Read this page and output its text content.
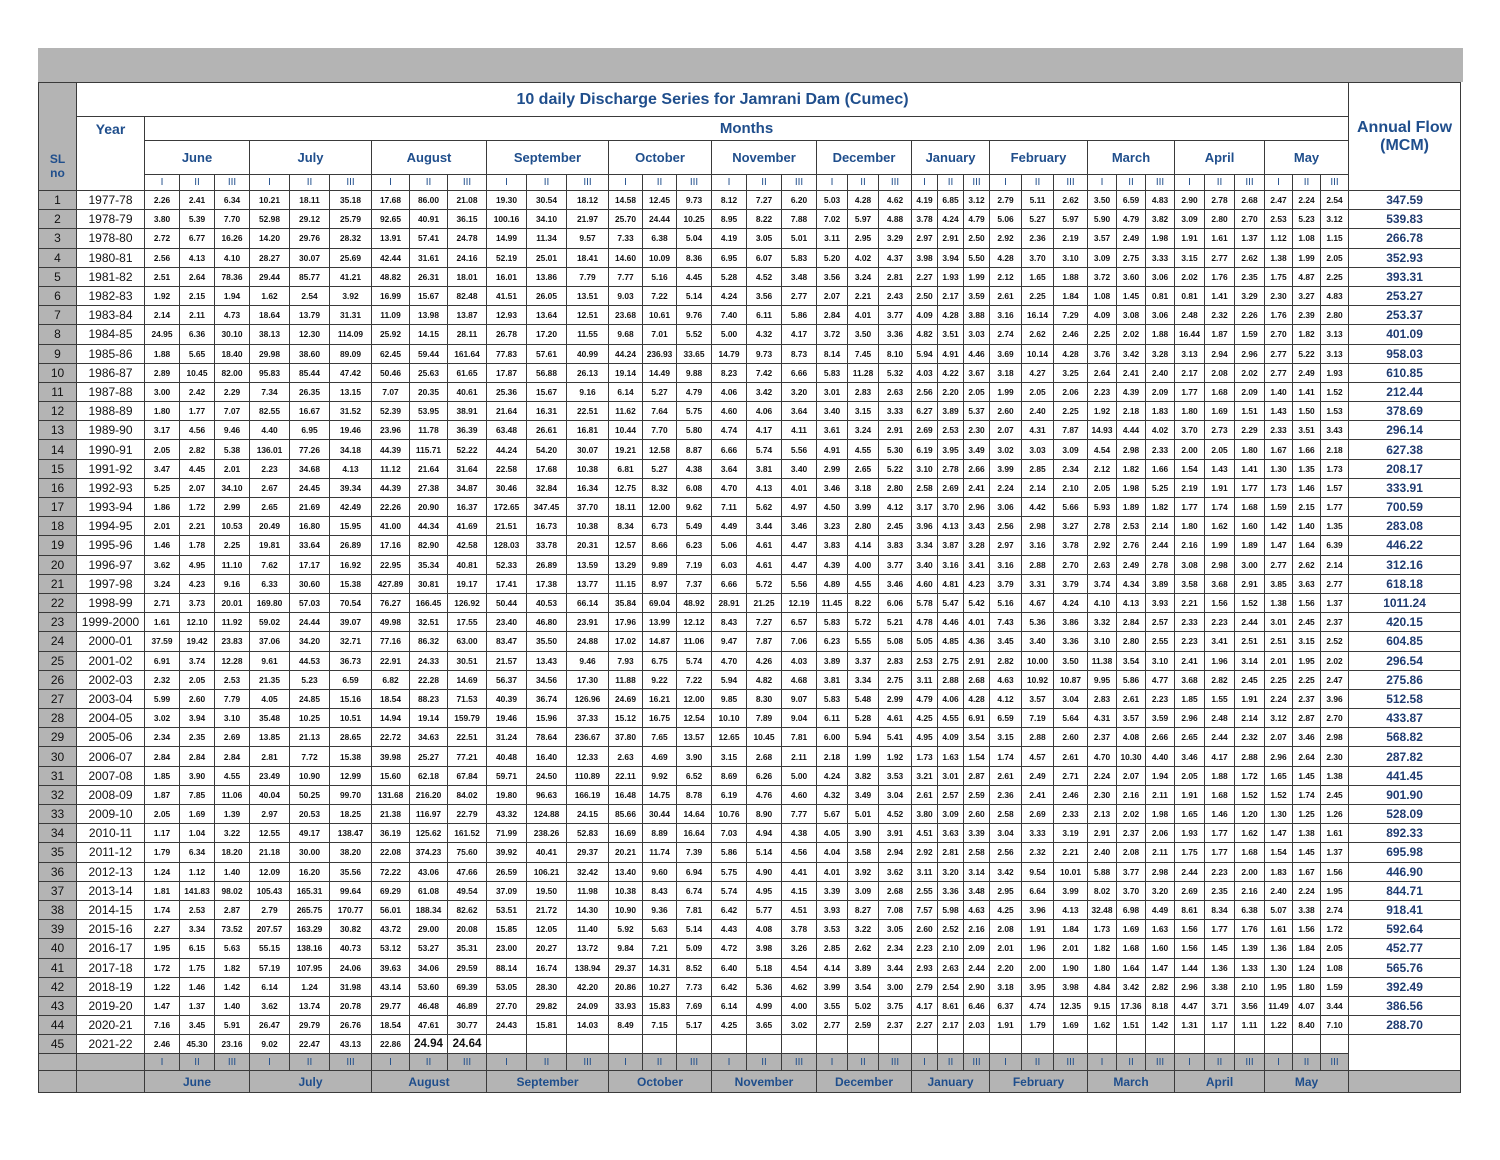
SL
no	10 daily Discharge Series for Jamrani Dam (Cumec)																																					Annual Flow
(MCM)
	Year	Months																																				
		June			July			August			September			October			November			December			January			February			March			April			May			
		I	II	III	I	II	III	I	II	III	I	II	III	I	II	III	I	II	III	I	II	III	I	II	III	I	II	III	I	II	III	I	II	III	I	II	III	
1	1977-78	2.26	2.41	6.34	10.21	18.11	35.18	17.68	86.00	21.08	19.30	30.54	18.12	14.58	12.45	9.73	8.12	7.27	6.20	5.03	4.28	4.62	4.19	6.85	3.12	2.79	5.11	2.62	3.50	6.59	4.83	2.90	2.78	2.68	2.47	2.24	2.54	347.59
2	1978-79	3.80	5.39	7.70	52.98	29.12	25.79	92.65	40.91	36.15	100.16	34.10	21.97	25.70	24.44	10.25	8.95	8.22	7.88	7.02	5.97	4.88	3.78	4.24	4.79	5.06	5.27	5.97	5.90	4.79	3.82	3.09	2.80	2.70	2.53	5.23	3.12	539.83
3	1978-80	2.72	6.77	16.26	14.20	29.76	28.32	13.91	57.41	24.78	14.99	11.34	9.57	7.33	6.38	5.04	4.19	3.05	5.01	3.11	2.95	3.29	2.97	2.91	2.50	2.92	2.36	2.19	3.57	2.49	1.98	1.91	1.61	1.37	1.12	1.08	1.15	266.78
4	1980-81	2.56	4.13	4.10	28.27	30.07	25.69	42.44	31.61	24.16	52.19	25.01	18.41	14.60	10.09	8.36	6.95	6.07	5.83	5.20	4.02	4.37	3.98	3.94	5.50	4.28	3.70	3.10	3.09	2.75	3.33	3.15	2.77	2.62	1.38	1.99	2.05	352.93
5	1981-82	2.51	2.64	78.36	29.44	85.77	41.21	48.82	26.31	18.01	16.01	13.86	7.79	7.77	5.16	4.45	5.28	4.52	3.48	3.56	3.24	2.81	2.27	1.93	1.99	2.12	1.65	1.88	3.72	3.60	3.06	2.02	1.76	2.35	1.75	4.87	2.25	393.31
6	1982-83	1.92	2.15	1.94	1.62	2.54	3.92	16.99	15.67	82.48	41.51	26.05	13.51	9.03	7.22	5.14	4.24	3.56	2.77	2.07	2.21	2.43	2.50	2.17	3.59	2.61	2.25	1.84	1.08	1.45	0.81	0.81	1.41	3.29	2.30	3.27	4.83	253.27
7	1983-84	2.14	2.11	4.73	18.64	13.79	31.31	11.09	13.98	13.87	12.93	13.64	12.51	23.68	10.61	9.76	7.40	6.11	5.86	2.84	4.01	3.77	4.09	4.28	3.88	3.16	16.14	7.29	4.09	3.08	3.06	2.48	2.32	2.26	1.76	2.39	2.80	253.37
8	1984-85	24.95	6.36	30.10	38.13	12.30	114.09	25.92	14.15	28.11	26.78	17.20	11.55	9.68	7.01	5.52	5.00	4.32	4.17	3.72	3.50	3.36	4.82	3.51	3.03	2.74	2.62	2.46	2.25	2.02	1.88	16.44	1.87	1.59	2.70	1.82	3.13	401.09
9	1985-86	1.88	5.65	18.40	29.98	38.60	89.09	62.45	59.44	161.64	77.83	57.61	40.99	44.24	236.93	33.65	14.79	9.73	8.73	8.14	7.45	8.10	5.94	4.91	4.46	3.69	10.14	4.28	3.76	3.42	3.28	3.13	2.94	2.96	2.77	5.22	3.13	958.03
10	1986-87	2.89	10.45	82.00	95.83	85.44	47.42	50.46	25.63	61.65	17.87	56.88	26.13	19.14	14.49	9.88	8.23	7.42	6.66	5.83	11.28	5.32	4.03	4.22	3.67	3.18	4.27	3.25	2.64	2.41	2.40	2.17	2.08	2.02	2.77	2.49	1.93	610.85
11	1987-88	3.00	2.42	2.29	7.34	26.35	13.15	7.07	20.35	40.61	25.36	15.67	9.16	6.14	5.27	4.79	4.06	3.42	3.20	3.01	2.83	2.63	2.56	2.20	2.05	1.99	2.05	2.06	2.23	4.39	2.09	1.77	1.68	2.09	1.40	1.41	1.52	212.44
12	1988-89	1.80	1.77	7.07	82.55	16.67	31.52	52.39	53.95	38.91	21.64	16.31	22.51	11.62	7.64	5.75	4.60	4.06	3.64	3.40	3.15	3.33	6.27	3.89	5.37	2.60	2.40	2.25	1.92	2.18	1.83	1.80	1.69	1.51	1.43	1.50	1.53	378.69
13	1989-90	3.17	4.56	9.46	4.40	6.95	19.46	23.96	11.78	36.39	63.48	26.61	16.81	10.44	7.70	5.80	4.74	4.17	4.11	3.61	3.24	2.91	2.69	2.53	2.30	2.07	4.31	7.87	14.93	4.44	4.02	3.70	2.73	2.29	2.33	3.51	3.43	296.14
14	1990-91	2.05	2.82	5.38	136.01	77.26	34.18	44.39	115.71	52.22	44.24	54.20	30.07	19.21	12.58	8.87	6.66	5.74	5.56	4.91	4.55	5.30	6.19	3.95	3.49	3.02	3.03	3.09	4.54	2.98	2.33	2.00	2.05	1.80	1.67	1.66	2.18	627.38
15	1991-92	3.47	4.45	2.01	2.23	34.68	4.13	11.12	21.64	31.64	22.58	17.68	10.38	6.81	5.27	4.38	3.64	3.81	3.40	2.99	2.65	5.22	3.10	2.78	2.66	3.99	2.85	2.34	2.12	1.82	1.66	1.54	1.43	1.41	1.30	1.35	1.73	208.17
16	1992-93	5.25	2.07	34.10	2.67	24.45	39.34	44.39	27.38	34.87	30.46	32.84	16.34	12.75	8.32	6.08	4.70	4.13	4.01	3.46	3.18	2.80	2.58	2.69	2.41	2.24	2.14	2.10	2.05	1.98	5.25	2.19	1.91	1.77	1.73	1.46	1.57	333.91
17	1993-94	1.86	1.72	2.99	2.65	21.69	42.49	22.26	20.90	16.37	172.65	347.45	37.70	18.11	12.00	9.62	7.11	5.62	4.97	4.50	3.99	4.12	3.17	3.70	2.96	3.06	4.42	5.66	5.93	1.89	1.82	1.77	1.74	1.68	1.59	2.15	1.77	700.59
18	1994-95	2.01	2.21	10.53	20.49	16.80	15.95	41.00	44.34	41.69	21.51	16.73	10.38	8.34	6.73	5.49	4.49	3.44	3.46	3.23	2.80	2.45	3.96	4.13	3.43	2.56	2.98	3.27	2.78	2.53	2.14	1.80	1.62	1.60	1.42	1.40	1.35	283.08
19	1995-96	1.46	1.78	2.25	19.81	33.64	26.89	17.16	82.90	42.58	128.03	33.78	20.31	12.57	8.66	6.23	5.06	4.61	4.47	3.83	4.14	3.83	3.34	3.87	3.28	2.97	3.16	3.78	2.92	2.76	2.44	2.16	1.99	1.89	1.47	1.64	6.39	446.22
20	1996-97	3.62	4.95	11.10	7.62	17.17	16.92	22.95	35.34	40.81	52.33	26.89	13.59	13.29	9.89	7.19	6.03	4.61	4.47	4.39	4.00	3.77	3.40	3.16	3.41	3.16	2.88	2.70	2.63	2.49	2.78	3.08	2.98	3.00	2.77	2.62	2.14	312.16
21	1997-98	3.24	4.23	9.16	6.33	30.60	15.38	427.89	30.81	19.17	17.41	17.38	13.77	11.15	8.97	7.37	6.66	5.72	5.56	4.89	4.55	3.46	4.60	4.81	4.23	3.79	3.31	3.79	3.74	4.34	3.89	3.58	3.68	2.91	3.85	3.63	2.77	618.18
22	1998-99	2.71	3.73	20.01	169.80	57.03	70.54	76.27	166.45	126.92	50.44	40.53	66.14	35.84	69.04	48.92	28.91	21.25	12.19	11.45	8.22	6.06	5.78	5.47	5.42	5.16	4.67	4.24	4.10	4.13	3.93	2.21	1.56	1.52	1.38	1.56	1.37	1011.24
23	1999-2000	1.61	12.10	11.92	59.02	24.44	39.07	49.98	32.51	17.55	23.40	46.80	23.91	17.96	13.99	12.12	8.43	7.27	6.57	5.83	5.72	5.21	4.78	4.46	4.01	7.43	5.36	3.86	3.32	2.84	2.57	2.33	2.23	2.44	3.01	2.45	2.37	420.15
24	2000-01	37.59	19.42	23.83	37.06	34.20	32.71	77.16	86.32	63.00	83.47	35.50	24.88	17.02	14.87	11.06	9.47	7.87	7.06	6.23	5.55	5.08	5.05	4.85	4.36	3.45	3.40	3.36	3.10	2.80	2.55	2.23	3.41	2.51	2.51	3.15	2.52	604.85
25	2001-02	6.91	3.74	12.28	9.61	44.53	36.73	22.91	24.33	30.51	21.57	13.43	9.46	7.93	6.75	5.74	4.70	4.26	4.03	3.89	3.37	2.83	2.53	2.75	2.91	2.82	10.00	3.50	11.38	3.54	3.10	2.41	1.96	3.14	2.01	1.95	2.02	296.54
26	2002-03	2.32	2.05	2.53	21.35	5.23	6.59	6.82	22.28	14.69	56.37	34.56	17.30	11.88	9.22	7.22	5.94	4.82	4.68	3.81	3.34	2.75	3.11	2.88	2.68	4.63	10.92	10.87	9.95	5.86	4.77	3.68	2.82	2.45	2.25	2.25	2.47	275.86
27	2003-04	5.99	2.60	7.79	4.05	24.85	15.16	18.54	88.23	71.53	40.39	36.74	126.96	24.69	16.21	12.00	9.85	8.30	9.07	5.83	5.48	2.99	4.79	4.06	4.28	4.12	3.57	3.04	2.83	2.61	2.23	1.85	1.55	1.91	2.24	2.37	3.96	512.58
28	2004-05	3.02	3.94	3.10	35.48	10.25	10.51	14.94	19.14	159.79	19.46	15.96	37.33	15.12	16.75	12.54	10.10	7.89	9.04	6.11	5.28	4.61	4.25	4.55	6.91	6.59	7.19	5.64	4.31	3.57	3.59	2.96	2.48	2.14	3.12	2.87	2.70	433.87
29	2005-06	2.34	2.35	2.69	13.85	21.13	28.65	22.72	34.63	22.51	31.24	78.64	236.67	37.80	7.65	13.57	12.65	10.45	7.81	6.00	5.94	5.41	4.95	4.09	3.54	3.15	2.88	2.60	2.37	4.08	2.66	2.65	2.44	2.32	2.07	3.46	2.98	568.82
30	2006-07	2.84	2.84	2.84	2.81	7.72	15.38	39.98	25.27	77.21	40.48	16.40	12.33	2.63	4.69	3.90	3.15	2.68	2.11	2.18	1.99	1.92	1.73	1.63	1.54	1.74	4.57	2.61	4.70	10.30	4.40	3.46	4.17	2.88	2.96	2.64	2.30	287.82
31	2007-08	1.85	3.90	4.55	23.49	10.90	12.99	15.60	62.18	67.84	59.71	24.50	110.89	22.11	9.92	6.52	8.69	6.26	5.00	4.24	3.82	3.53	3.21	3.01	2.87	2.61	2.49	2.71	2.24	2.07	1.94	2.05	1.88	1.72	1.65	1.45	1.38	441.45
32	2008-09	1.87	7.85	11.06	40.04	50.25	99.70	131.68	216.20	84.02	19.80	96.63	166.19	16.48	14.75	8.78	6.19	4.76	4.60	4.32	3.49	3.04	2.61	2.57	2.59	2.36	2.41	2.46	2.30	2.16	2.11	1.91	1.68	1.52	1.52	1.74	2.45	901.90
33	2009-10	2.05	1.69	1.39	2.97	20.53	18.25	21.38	116.97	22.79	43.32	124.88	24.15	85.66	30.44	14.64	10.76	8.90	7.77	5.67	5.01	4.52	3.80	3.09	2.60	2.58	2.69	2.33	2.13	2.02	1.98	1.65	1.46	1.20	1.30	1.25	1.26	528.09
34	2010-11	1.17	1.04	3.22	12.55	49.17	138.47	36.19	125.62	161.52	71.99	238.26	52.83	16.69	8.89	16.64	7.03	4.94	4.38	4.05	3.90	3.91	4.51	3.63	3.39	3.04	3.33	3.19	2.91	2.37	2.06	1.93	1.77	1.62	1.47	1.38	1.61	892.33
35	2011-12	1.79	6.34	18.20	21.18	30.00	38.20	22.08	374.23	75.60	39.92	40.41	29.37	20.21	11.74	7.39	5.86	5.14	4.56	4.04	3.58	2.94	2.92	2.81	2.58	2.56	2.32	2.21	2.40	2.08	2.11	1.75	1.77	1.68	1.54	1.45	1.37	695.98
36	2012-13	1.24	1.12	1.40	12.09	16.20	35.56	72.22	43.06	47.66	26.59	106.21	32.42	13.40	9.60	6.94	5.75	4.90	4.41	4.01	3.92	3.62	3.11	3.20	3.14	3.42	9.54	10.01	5.88	3.77	2.98	2.44	2.23	2.00	1.83	1.67	1.56	446.90
37	2013-14	1.81	141.83	98.02	105.43	165.31	99.64	69.29	61.08	49.54	37.09	19.50	11.98	10.38	8.43	6.74	5.74	4.95	4.15	3.39	3.09	2.68	2.55	3.36	3.48	2.95	6.64	3.99	8.02	3.70	3.20	2.69	2.35	2.16	2.40	2.24	1.95	844.71
38	2014-15	1.74	2.53	2.87	2.79	265.75	170.77	56.01	188.34	82.62	53.51	21.72	14.30	10.90	9.36	7.81	6.42	5.77	4.51	3.93	8.27	7.08	7.57	5.98	4.63	4.25	3.96	4.13	32.48	6.98	4.49	8.61	8.34	6.38	5.07	3.38	2.74	918.41
39	2015-16	2.27	3.34	73.52	207.57	163.29	30.82	43.72	29.00	20.08	15.85	12.05	11.40	5.92	5.63	5.14	4.43	4.08	3.78	3.53	3.22	3.05	2.60	2.52	2.16	2.08	1.91	1.84	1.73	1.69	1.63	1.56	1.77	1.76	1.61	1.56	1.72	592.64
40	2016-17	1.95	6.15	5.63	55.15	138.16	40.73	53.12	53.27	35.31	23.00	20.27	13.72	9.84	7.21	5.09	4.72	3.98	3.26	2.85	2.62	2.34	2.23	2.10	2.09	2.01	1.96	2.01	1.82	1.68	1.60	1.56	1.45	1.39	1.36	1.84	2.05	452.77
41	2017-18	1.72	1.75	1.82	57.19	107.95	24.06	39.63	34.06	29.59	88.14	16.74	138.94	29.37	14.31	8.52	6.40	5.18	4.54	4.14	3.89	3.44	2.93	2.63	2.44	2.20	2.00	1.90	1.80	1.64	1.47	1.44	1.36	1.33	1.30	1.24	1.08	565.76
42	2018-19	1.22	1.46	1.42	6.14	1.24	31.98	43.14	53.60	69.39	53.05	28.30	42.20	20.86	10.27	7.73	6.42	5.36	4.62	3.99	3.54	3.00	2.79	2.54	2.90	3.18	3.95	3.98	4.84	3.42	2.82	2.96	3.38	2.10	1.95	1.80	1.59	392.49
43	2019-20	1.47	1.37	1.40	3.62	13.74	20.78	29.77	46.48	46.89	27.70	29.82	24.09	33.93	15.83	7.69	6.14	4.99	4.00	3.55	5.02	3.75	4.17	8.61	6.46	6.37	4.74	12.35	9.15	17.36	8.18	4.47	3.71	3.56	11.49	4.07	3.44	386.56
44	2020-21	7.16	3.45	5.91	26.47	29.79	26.76	18.54	47.61	30.77	24.43	15.81	14.03	8.49	7.15	5.17	4.25	3.65	3.02	2.77	2.59	2.37	2.27	2.17	2.03	1.91	1.79	1.69	1.62	1.51	1.42	1.31	1.17	1.11	1.22	8.40	7.10	288.70
45	2021-22	2.46	45.30	23.16	9.02	22.47	43.13	22.86	24.94	24.64																												
		I	II	III	I	II	III	I	II	III	I	II	III	I	II	III	I	II	III	I	II	III	I	II	III	I	II	III	I	II	III	I	II	III	I	II	III	
		June			July			August			September			October			November			December			January			February			March			April			May			
